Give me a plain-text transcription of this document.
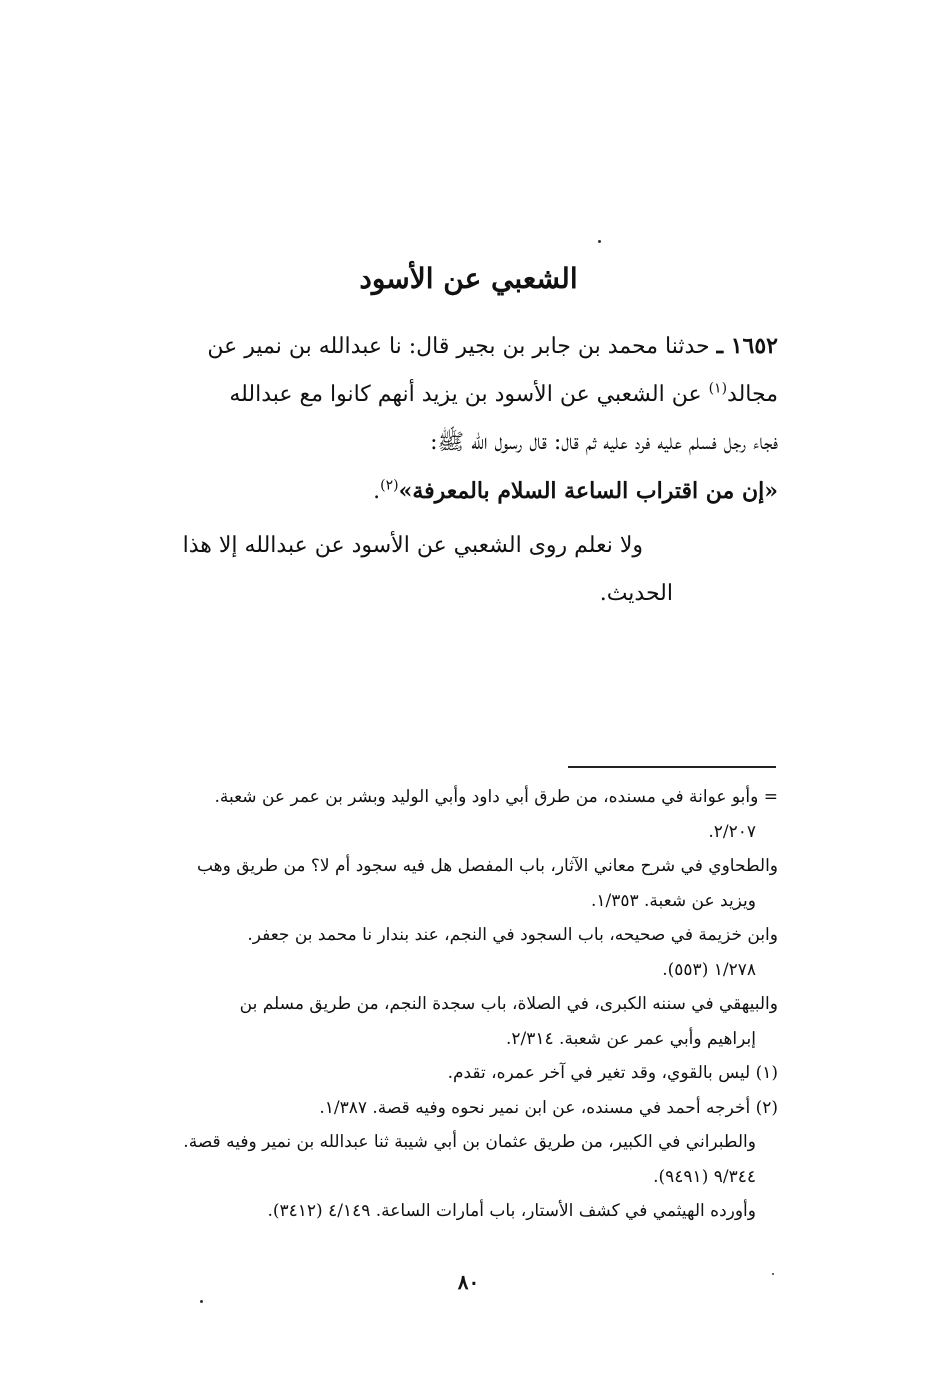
الشعبي عن الأسود
١٦٥٢ ـ حدثنا محمد بن جابر بن بجير قال: نا عبدالله بن نمير عن
مجالد$^{(١)}$ عن الشعبي عن الأسود بن يزيد أنهم كانوا مع عبدالله
فجاء رجل فسلم عليه فرد عليه ثم قال: قال رسول الله ﷺ:
«إن من اقتراب الساعة السلام بالمعرفة»$^{(٢)}$.
ولا نعلم روى الشعبي عن الأسود عن عبدالله إلا هذا
الحديث.
= وأبو عوانة في مسنده، من طرق أبي داود وأبي الوليد وبشر بن عمر عن شعبة.
٢/٢٠٧.
والطحاوي في شرح معاني الآثار، باب المفصل هل فيه سجود أم لا؟ من طريق وهب
ويزيد عن شعبة. ١/٣٥٣.
وابن خزيمة في صحيحه، باب السجود في النجم، عند بندار نا محمد بن جعفر.
١/٢٧٨ (٥٥٣).
والبيهقي في سننه الكبرى، في الصلاة، باب سجدة النجم، من طريق مسلم بن
إبراهيم وأبي عمر عن شعبة. ٢/٣١٤.
(١) ليس بالقوي، وقد تغير في آخر عمره، تقدم.
(٢) أخرجه أحمد في مسنده، عن ابن نمير نحوه وفيه قصة. ١/٣٨٧.
والطبراني في الكبير، من طريق عثمان بن أبي شيبة ثنا عبدالله بن نمير وفيه قصة.
٩/٣٤٤ (٩٤٩١).
وأورده الهيثمي في كشف الأستار، باب أمارات الساعة. ٤/١٤٩ (٣٤١٢).
٨٠
